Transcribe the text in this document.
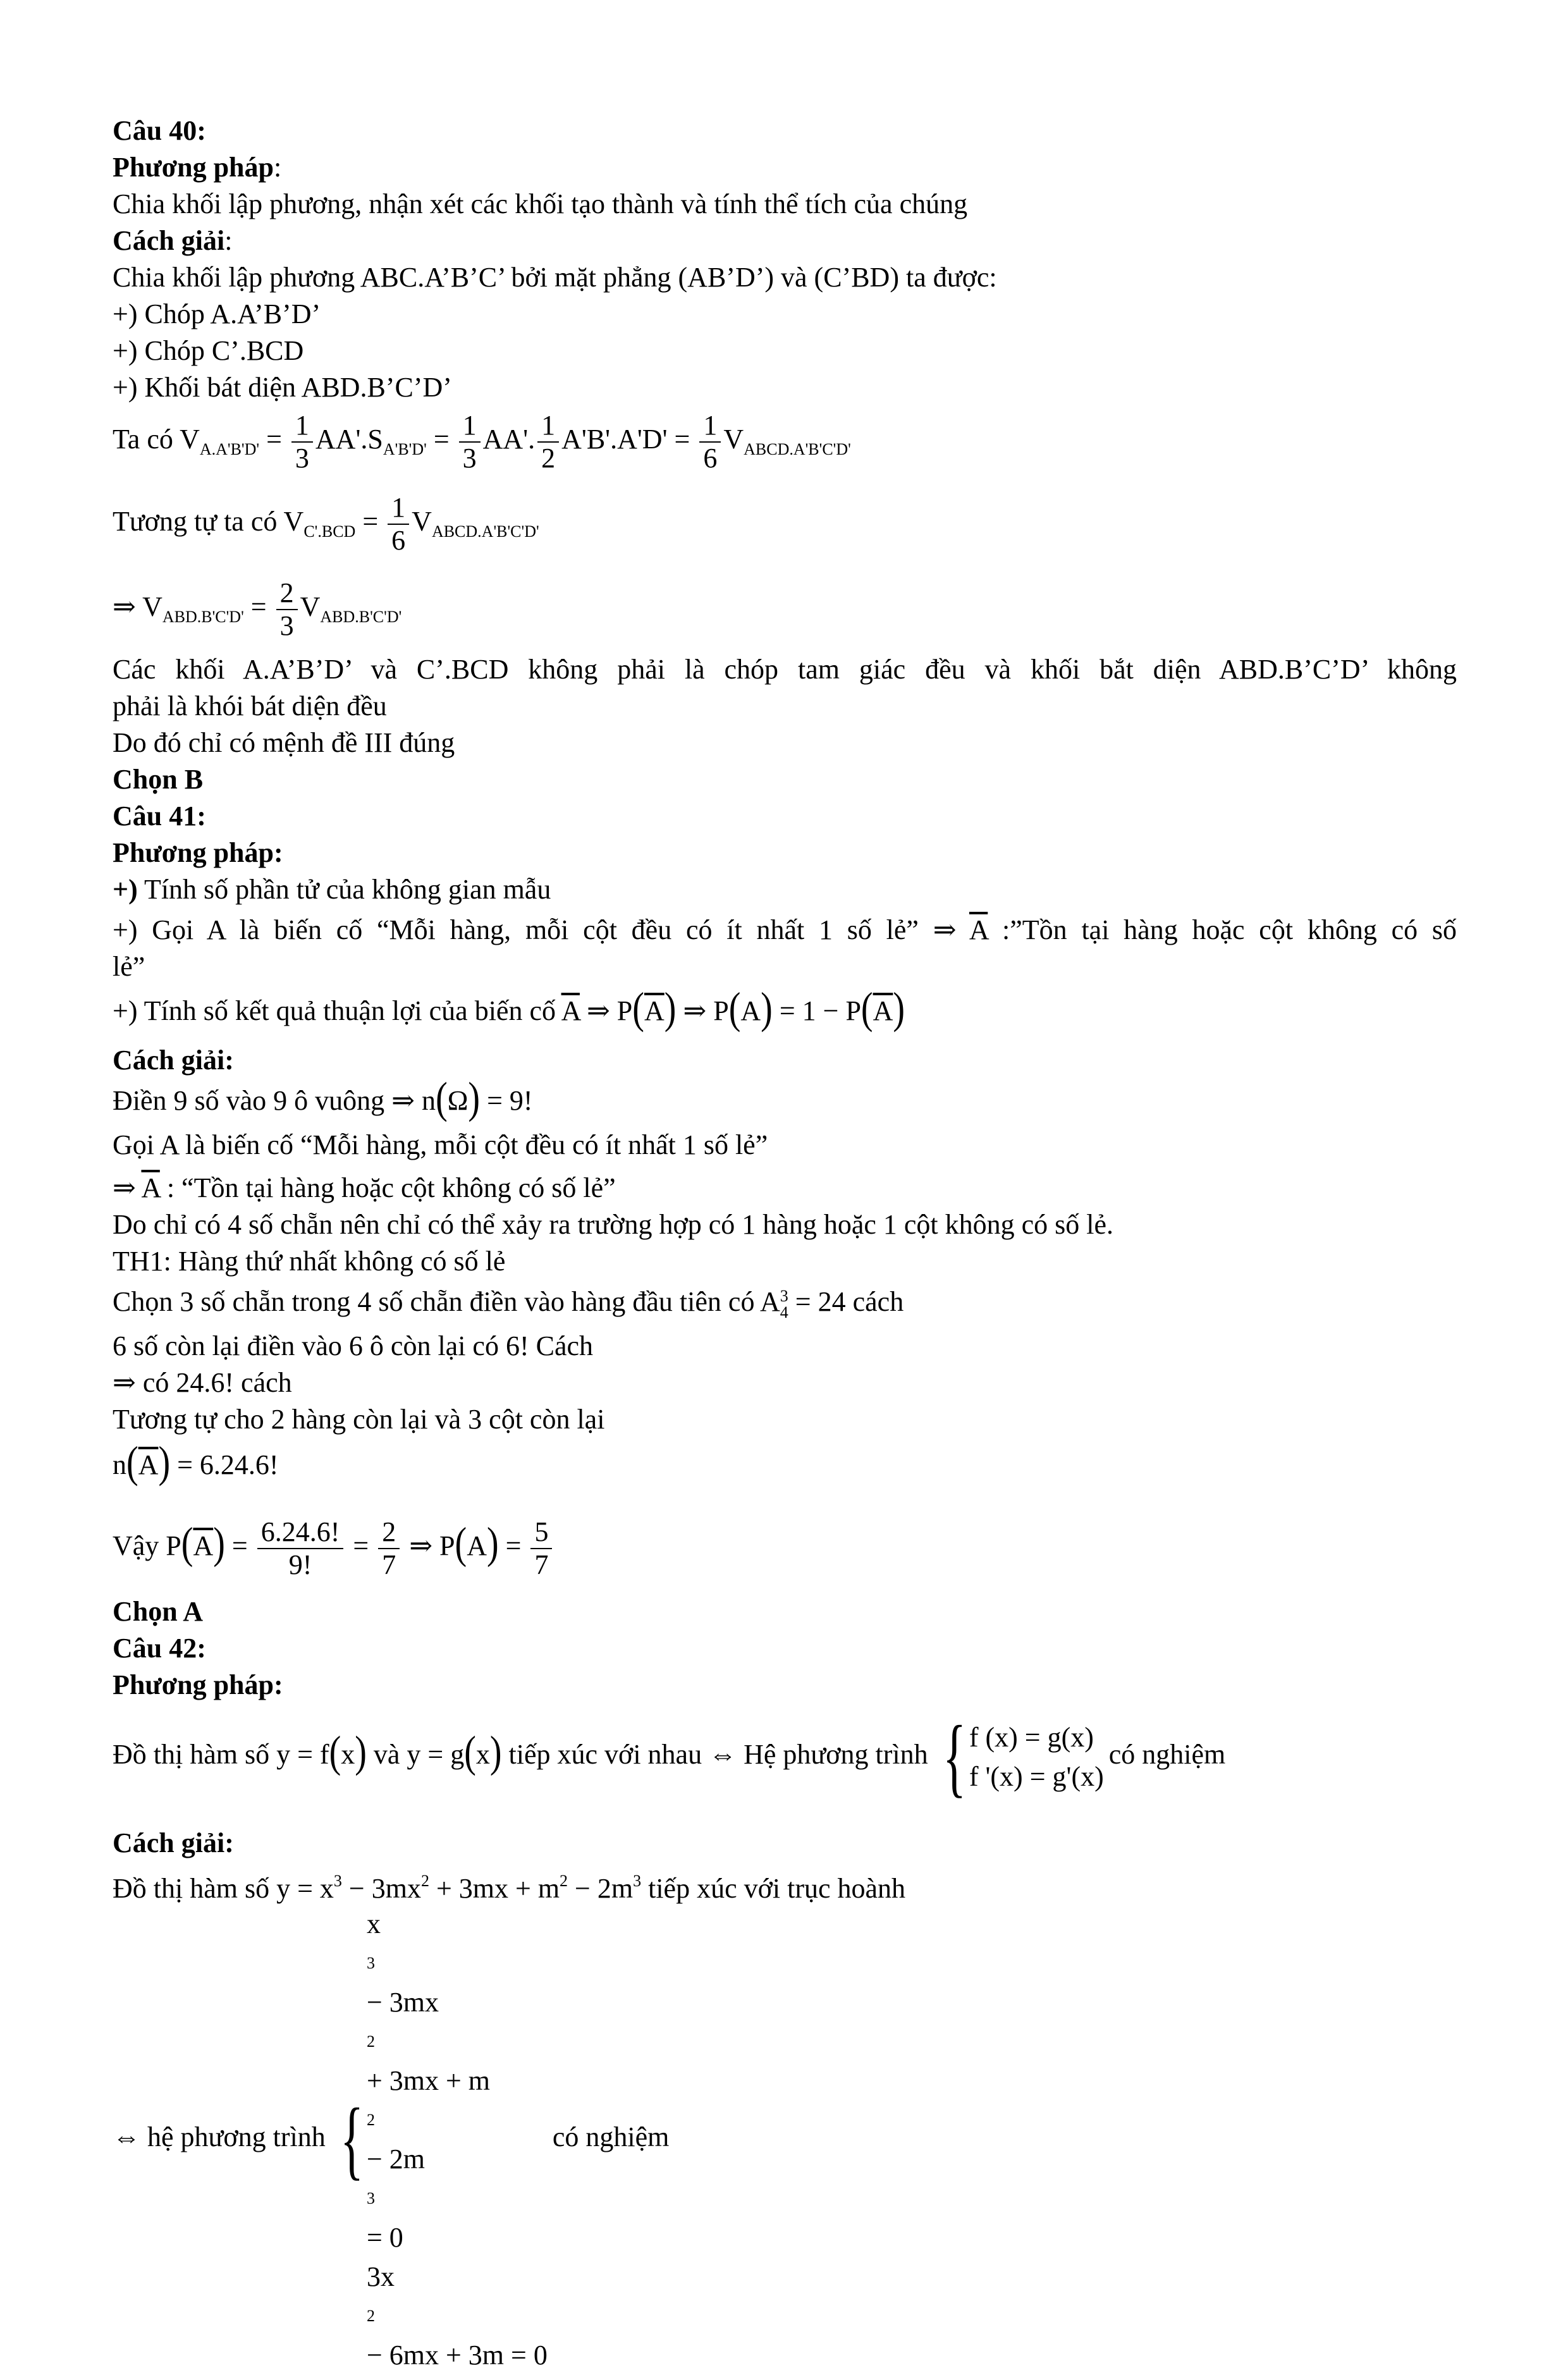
Câu 40:
Phương pháp:
Chia khối lập phương, nhận xét các khối tạo thành và tính thể tích của chúng
Cách giải:
Chia khối lập phương ABC.A’B’C’ bởi mặt phẳng (AB’D’) và (C’BD) ta được:
+) Chóp A.A’B’D’
+) Chóp C’.BCD
+) Khối bát diện ABD.B’C’D’
Ta có $V_{A.A'B'D'} = \frac{1}{3} AA'.S_{A'B'D'} = \frac{1}{3} AA'$. $\frac{1}{2} A'B'.A'D' = \frac{1}{6} V_{ABCD.A'B'C'D'}$
Tương tự ta có $V_{C'.BCD} = \frac{1}{6} V_{ABCD.A'B'C'D'}$
⇒ $V_{ABD.B'C'D'} = \frac{2}{3} V_{ABD.B'C'D'}$
Các khối A.A’B’D’ và C’.BCD không phải là chóp tam giác đều và khối bắt diện ABD.B’C’D’ không
phải là khói bát diện đều
Do đó chỉ có mệnh đề III đúng
Chọn B
Câu 41:
Phương pháp:
+) Tính số phần tử của không gian mẫu
+) Gọi A là biến cố “Mỗi hàng, mỗi cột đều có ít nhất 1 số lẻ” ⇒ $\overline{A}$ :”Tồn tại hàng hoặc cột không có số
lẻ”
+) Tính số kết quả thuận lợi của biến cố $\overline{A}$ ⇒ $P(\overline{A})$ ⇒ $P(A) = 1 - P(\overline{A})$
Cách giải:
Điền 9 số vào 9 ô vuông ⇒ n(Ω) = 9!
Gọi A là biến cố “Mỗi hàng, mỗi cột đều có ít nhất 1 số lẻ”
⇒ $\overline{A}$ : “Tồn tại hàng hoặc cột không có số lẻ”
Do chỉ có 4 số chẵn nên chỉ có thể xảy ra trường hợp có 1 hàng hoặc 1 cột không có số lẻ.
TH1: Hàng thứ nhất không có số lẻ
Chọn 3 số chẵn trong 4 số chẵn điền vào hàng đầu tiên có A 3
4 = 24 cách
6 số còn lại điền vào 6 ô còn lại có 6! Cách
⇒ có 24.6! cách
Tương tự cho 2 hàng còn lại và 3 cột còn lại
$n(\overline{A}) = 6.24.6$!
Vậy $P(\overline{A}) = \frac{6.24.6!}{9!} = \frac{2}{7}$ ⇒ $P(A) = \frac{5}{7}$
Chọn A
Câu 42:
Phương pháp:
Đồ thị hàm số y = f(x) và y = g(x) tiếp xúc với nhau ⇔ Hệ phương trình { f (x) = g(x)
f '(x) = g'(x)
có nghiệm
Cách giải:
Đồ thị hàm số $y = x^3 - 3mx^2 + 3mx + m^2 - 2m^3$ tiếp xúc với trục hoành
⇔ hệ phương trình {
x
3
− 3mx
2
+ 3mx + m
2
− 2m
3
= 0
3x
2
− 6mx + 3m = 0
có nghiệm
